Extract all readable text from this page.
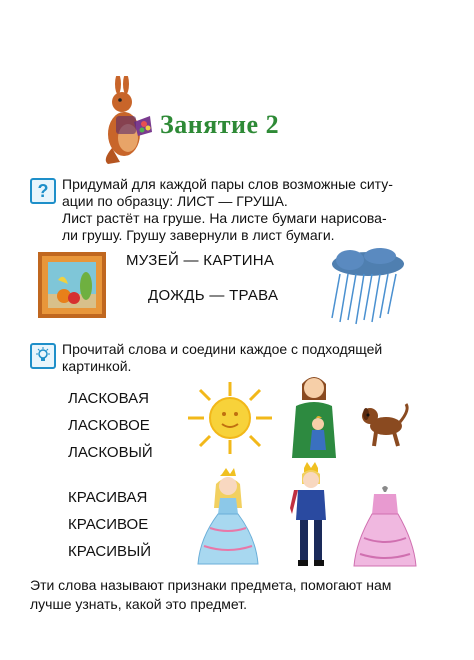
Занятие 2
? Придумай для каждой пары слов возможные ситу-
ации по образцу: ЛИСТ — ГРУША.
Лист растёт на груше. На листе бумаги нарисова-
ли грушу. Грушу завернули в лист бумаги.
МУЗЕЙ — КАРТИНА
ДОЖДЬ — ТРАВА
Прочитай слова и соедини каждое с подходящей
картинкой.
ЛАСКОВАЯ
ЛАСКОВОЕ
ЛАСКОВЫЙ
КРАСИВАЯ
КРАСИВОЕ
КРАСИВЫЙ
Эти слова называют признаки предмета, помогают нам
лучше узнать, какой это предмет.
